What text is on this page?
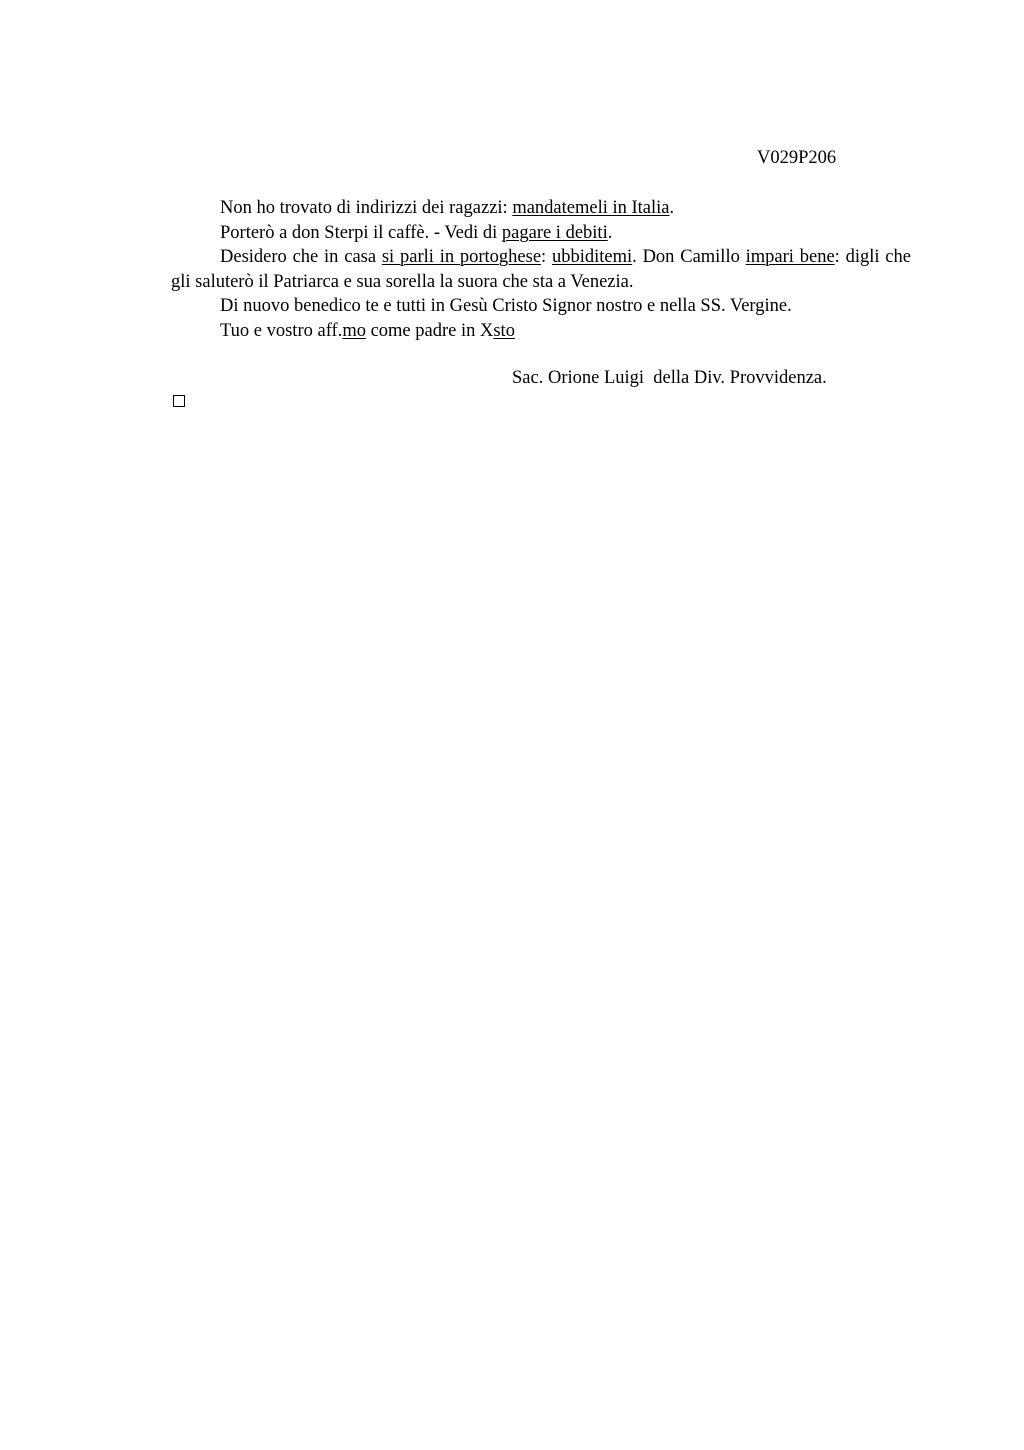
V029P206

Non ho trovato di indirizzi dei ragazzi: mandatemeli in Italia.

Porterò a don Sterpi il caffè. - Vedi di pagare i debiti.

Desidero che in casa si parli in portoghese: ubbiditemi. Don Camillo impari bene: digli che gli saluterò il Patriarca e sua sorella la suora che sta a Venezia.

Di nuovo benedico te e tutti in Gesù Cristo Signor nostro e nella SS. Vergine.

Tuo e vostro aff.mo come padre in Xsto

Sac. Orione Luigi  della Div. Provvidenza.
